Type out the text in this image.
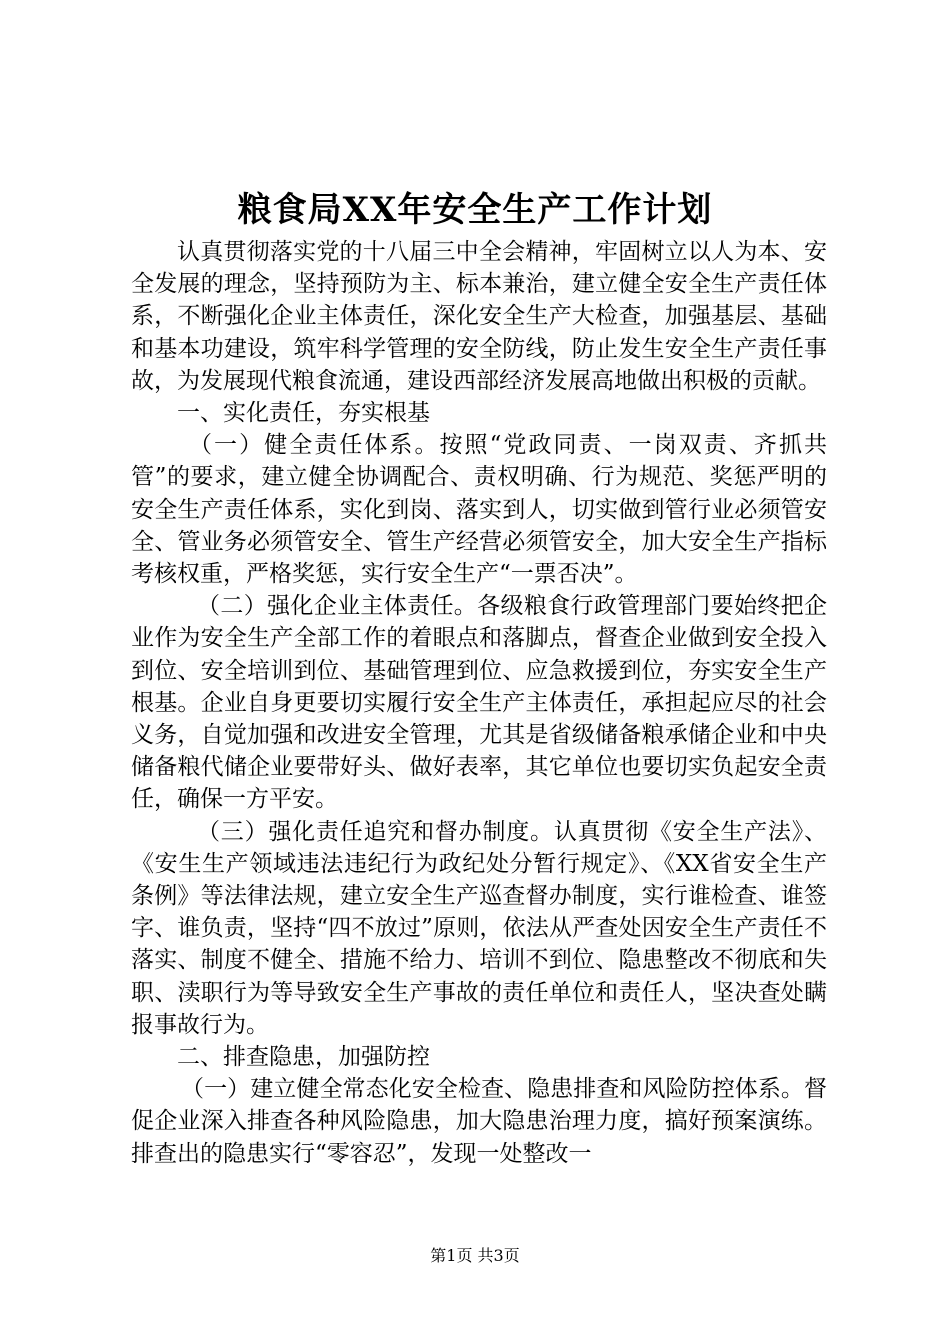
粮食局XX年安全生产工作计划

认真贯彻落实党的十八届三中全会精神，牢固树立以人为本、安全发展的理念，坚持预防为主、标本兼治，建立健全安全生产责任体系，不断强化企业主体责任，深化安全生产大检查，加强基层、基础和基本功建设，筑牢科学管理的安全防线，防止发生安全生产责任事故，为发展现代粮食流通，建设西部经济发展高地做出积极的贡献。

一、实化责任，夯实根基

（一）健全责任体系。按照“党政同责、一岗双责、齐抓共管”的要求，建立健全协调配合、责权明确、行为规范、奖惩严明的安全生产责任体系，实化到岗、落实到人，切实做到管行业必须管安全、管业务必须管安全、管生产经营必须管安全，加大安全生产指标考核权重，严格奖惩，实行安全生产“一票否决”。

（二）强化企业主体责任。各级粮食行政管理部门要始终把企业作为安全生产全部工作的着眼点和落脚点，督查企业做到安全投入到位、安全培训到位、基础管理到位、应急救援到位，夯实安全生产根基。企业自身更要切实履行安全生产主体责任，承担起应尽的社会义务，自觉加强和改进安全管理，尤其是省级储备粮承储企业和中央储备粮代储企业要带好头、做好表率，其它单位也要切实负起安全责任，确保一方平安。

（三）强化责任追究和督办制度。认真贯彻《安全生产法》、《安生生产领域违法违纪行为政纪处分暂行规定》、《XX省安全生产条例》等法律法规，建立安全生产巡查督办制度，实行谁检查、谁签字、谁负责，坚持“四不放过”原则，依法从严查处因安全生产责任不落实、制度不健全、措施不给力、培训不到位、隐患整改不彻底和失职、渎职行为等导致安全生产事故的责任单位和责任人，坚决查处瞒报事故行为。

二、排查隐患，加强防控

（一）建立健全常态化安全检查、隐患排查和风险防控体系。督促企业深入排查各种风险隐患，加大隐患治理力度，搞好预案演练。排查出的隐患实行“零容忍”，发现一处整改一

第1页 共3页
